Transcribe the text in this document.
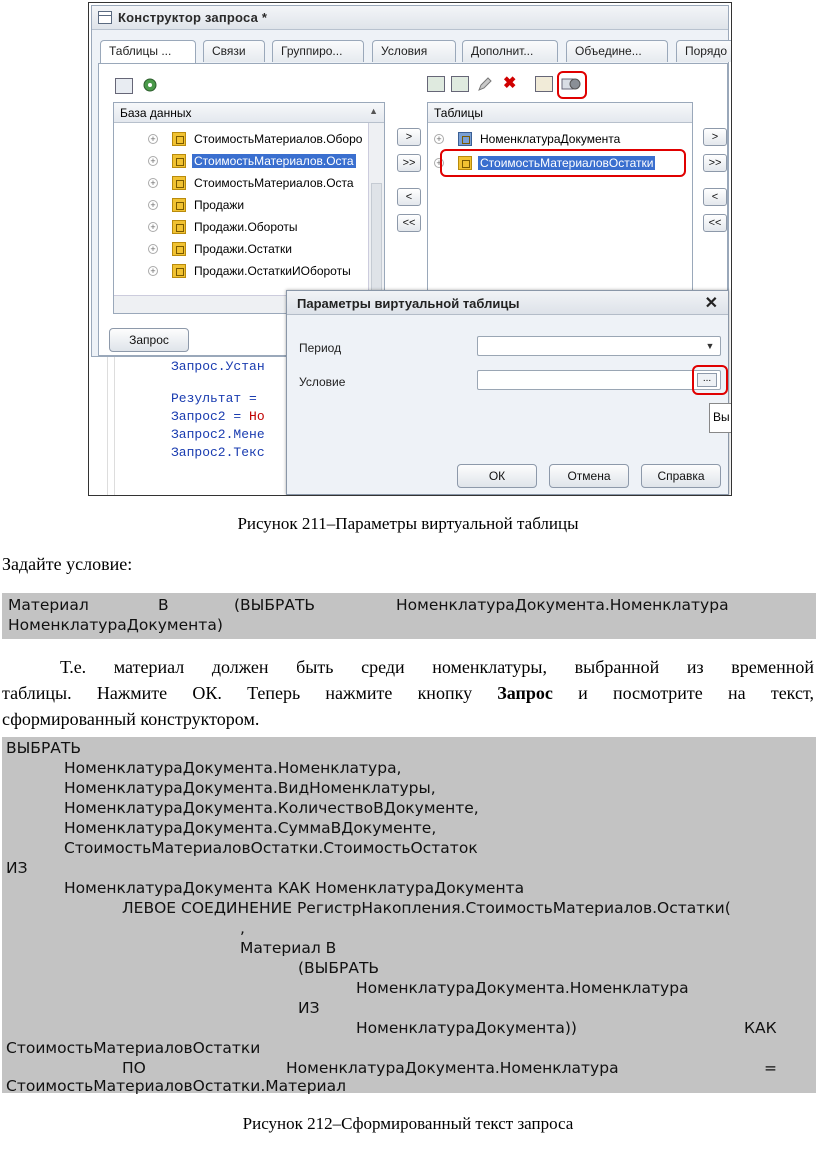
Конструктор запроса *
Таблицы ...	Связи	Группиро...	Условия	Дополнит...	Объедине...	Порядо
✖
База данных	▲
+	СтоимостьМатериалов.Оборо
+	СтоимостьМатериалов.Оста
+	СтоимостьМатериалов.Оста
+	Продажи
+	Продажи.Обороты
+	Продажи.Остатки
+	Продажи.ОстаткиИОбороты
>
>>
<
<<
Таблицы
+	НоменклатураДокумента
+	СтоимостьМатериаловОстатки
>
>>
<
<<
Запрос
Запрос.Устан
Результат =
Запрос2 = Но
Запрос2.Мене
Запрос2.Текс
Параметры виртуальной таблицы	✕
Период	▼
Условие	...
ОК	Отмена	Справка
Вы
Рисунок 211–Параметры виртуальной таблицы
Задайте условие:
Материал	В	(ВЫБРАТЬ	НоменклатураДокумента.Номенклатура
НоменклатураДокумента)
Т.е. материал должен быть среди номенклатуры, выбранной из временной
таблицы. Нажмите ОК. Теперь нажмите кнопку Запрос и посмотрите на текст,
сформированный конструктором.
ВЫБРАТЬ
НоменклатураДокумента.Номенклатура,
НоменклатураДокумента.ВидНоменклатуры,
НоменклатураДокумента.КоличествоВДокументе,
НоменклатураДокумента.СуммаВДокументе,
СтоимостьМатериаловОстатки.СтоимостьОстаток
ИЗ
НоменклатураДокумента КАК НоменклатураДокумента
ЛЕВОЕ СОЕДИНЕНИЕ РегистрНакопления.СтоимостьМатериалов.Остатки(
,
Материал В
(ВЫБРАТЬ
НоменклатураДокумента.Номенклатура
ИЗ
НоменклатураДокумента))	КАК
СтоимостьМатериаловОстатки
ПО	НоменклатураДокумента.Номенклатура	=
СтоимостьМатериаловОстатки.Материал
Рисунок 212–Сформированный текст запроса
